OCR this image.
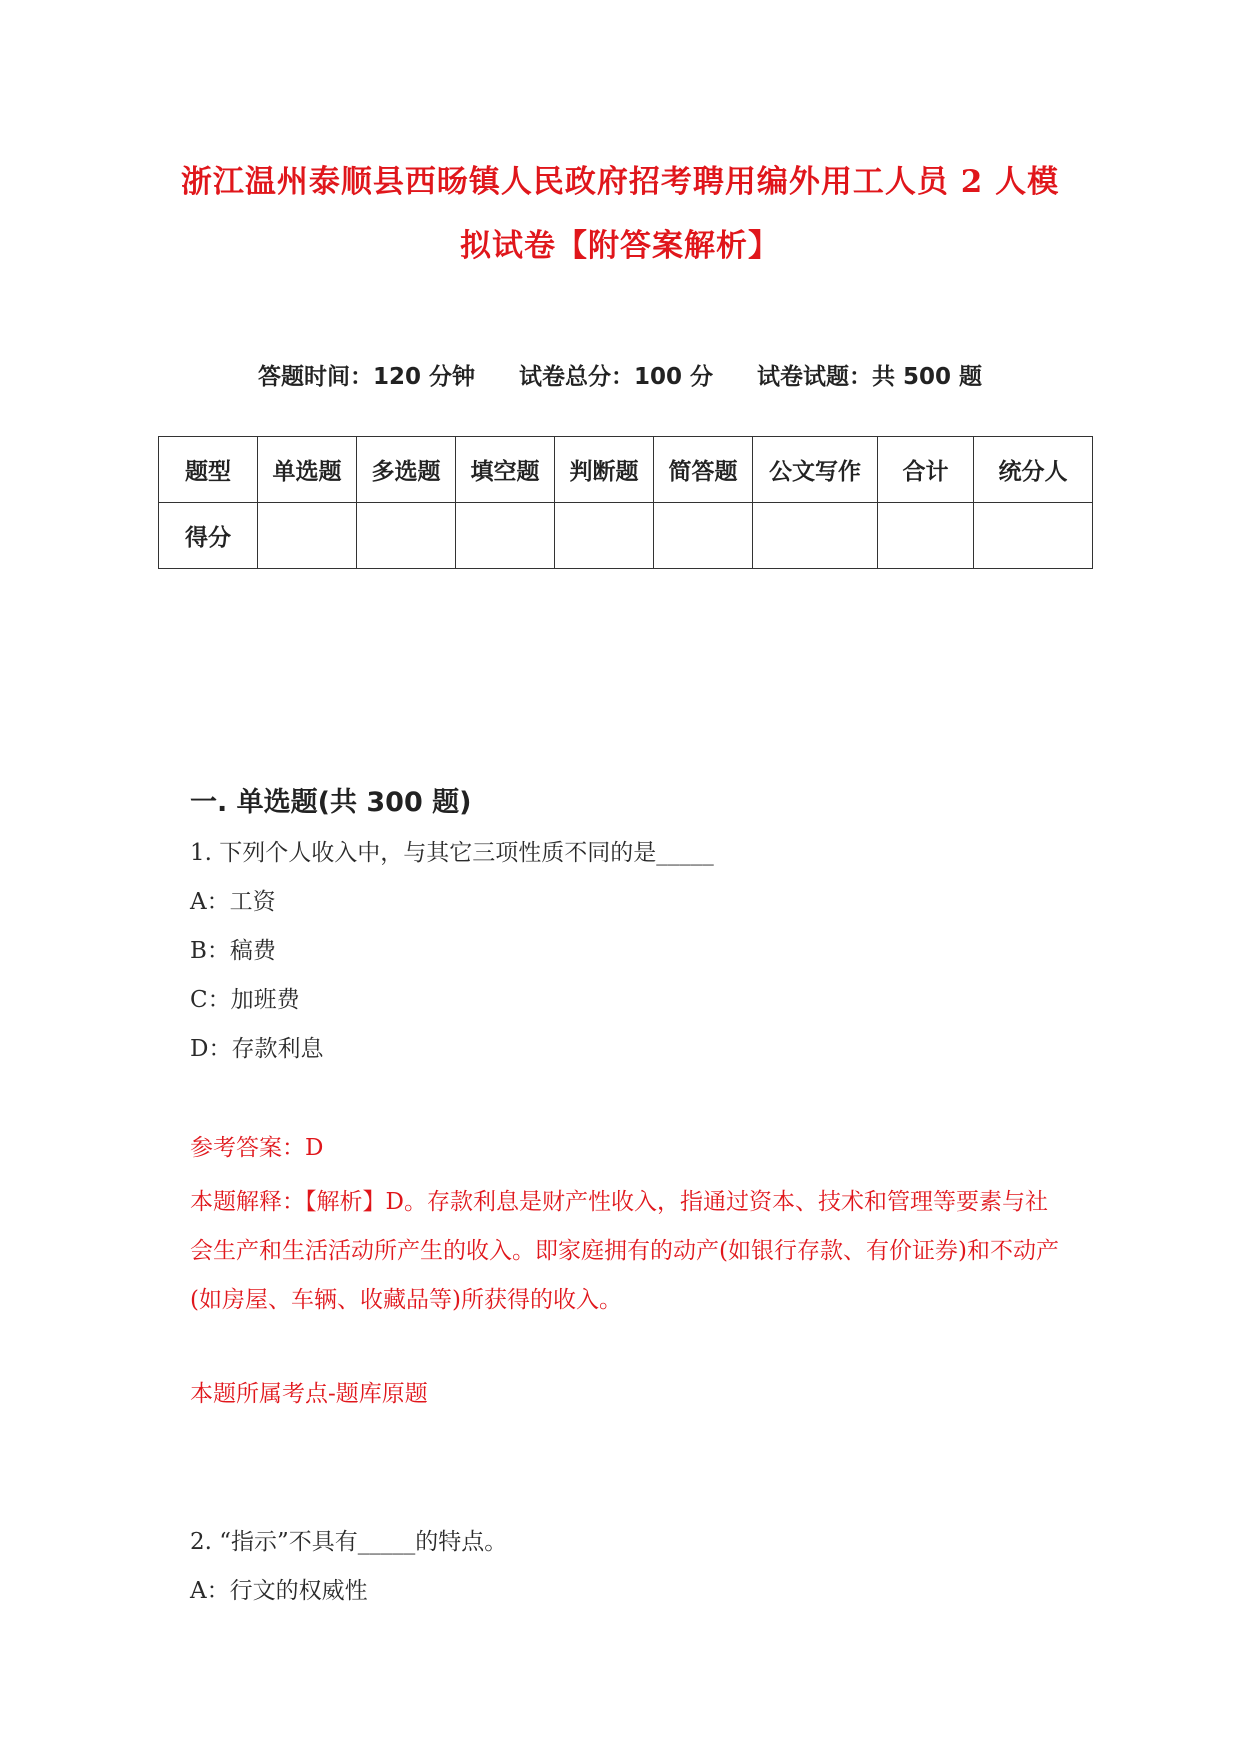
浙江温州泰顺县西旸镇人民政府招考聘用编外用工人员 2 人模拟试卷【附答案解析】
答题时间：120 分钟 试卷总分：100 分 试卷试题：共 500 题
题型	单选题	多选题	填空题	判断题	简答题	公文写作	合计	统分人
得分								
一. 单选题(共 300 题)
1. 下列个人收入中，与其它三项性质不同的是_____
A：工资
B：稿费
C：加班费
D：存款利息
参考答案：D
本题解释：【解析】D。存款利息是财产性收入，指通过资本、技术和管理等要素与社会生产和生活活动所产生的收入。即家庭拥有的动产(如银行存款、有价证券)和不动产(如房屋、车辆、收藏品等)所获得的收入。
本题所属考点-题库原题
2. “指示”不具有_____的特点。
A：行文的权威性
